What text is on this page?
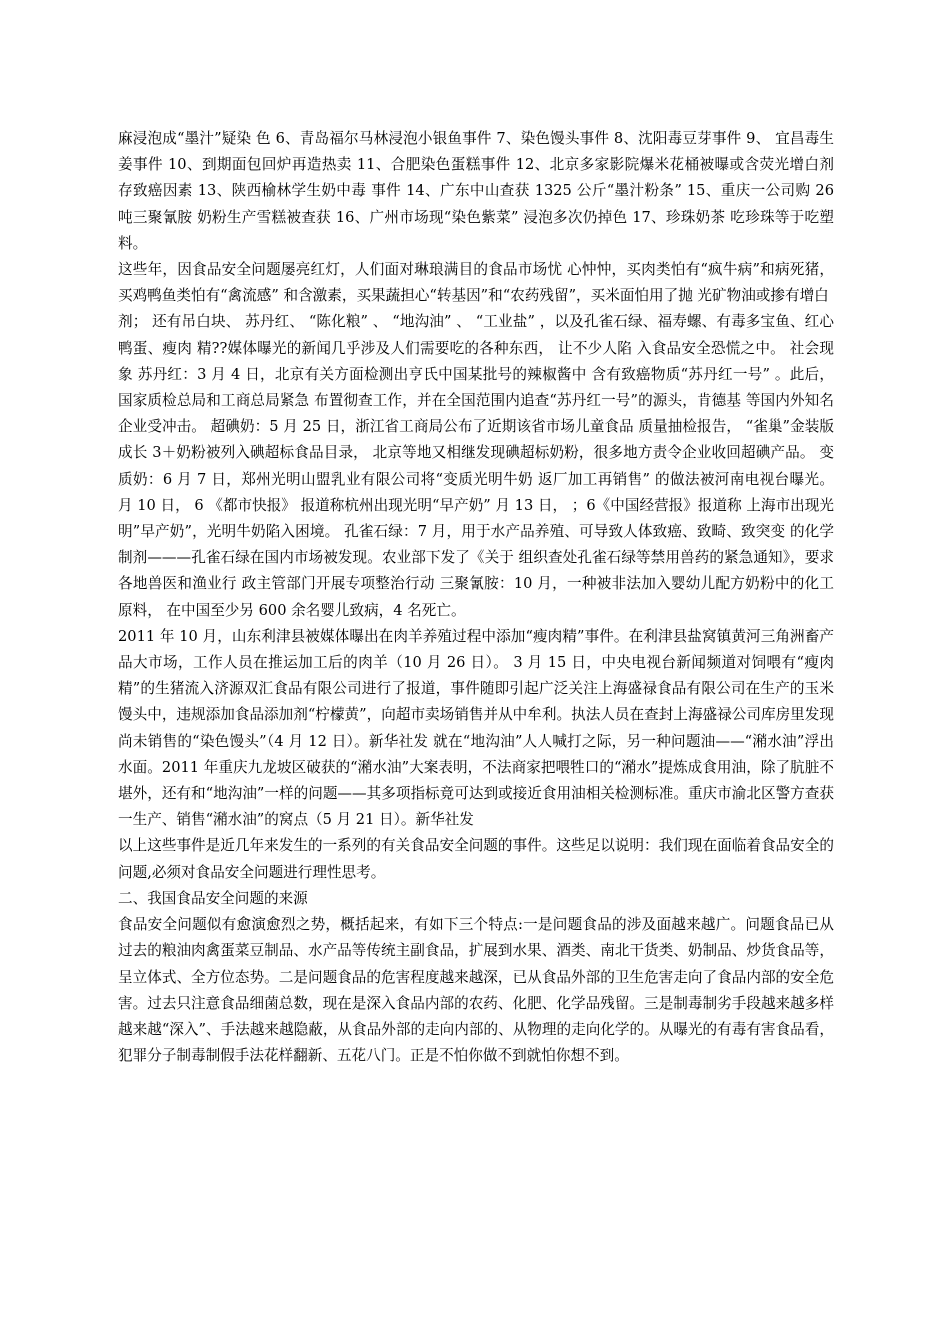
麻浸泡成“墨汁”疑染 色 6、青岛福尔马林浸泡小银鱼事件 7、染色馒头事件 8、沈阳毒豆芽事件 9、 宜昌毒生姜事件 10、到期面包回炉再造热卖 11、合肥染色蛋糕事件 12、北京多家影院爆米花桶被曝或含荧光增白剂 存致癌因素 13、陕西榆林学生奶中毒 事件 14、广东中山查获 1325 公斤“墨汁粉条” 15、重庆一公司购 26 吨三聚氰胺 奶粉生产雪糕被查获 16、广州市场现“染色紫菜” 浸泡多次仍掉色 17、珍珠奶茶 吃珍珠等于吃塑料。

这些年，因食品安全问题屡亮红灯，人们面对琳琅满目的食品市场忧 心忡忡，买肉类怕有“疯牛病”和病死猪，买鸡鸭鱼类怕有“禽流感” 和含激素，买果蔬担心“转基因”和“农药残留”，买米面怕用了抛 光矿物油或掺有增白

剂； 还有吊白块、 苏丹红、 “陈化粮” 、 “地沟油” 、 “工业盐” ，以及孔雀石绿、福寿螺、有毒多宝鱼、红心鸭蛋、瘦肉 精??媒体曝光的新闻几乎涉及人们需要吃的各种东西， 让不少人陷 入食品安全恐慌之中。 社会现象 苏丹红：3 月 4 日，北京有关方面检测出亨氏中国某批号的辣椒酱中 含有致癌物质“苏丹红一号” 。此后，国家质检总局和工商总局紧急 布置彻查工作，并在全国范围内追查“苏丹红一号”的源头，肯德基 等国内外知名企业受冲击。 超碘奶：5 月 25 日，浙江省工商局公布了近期该省市场儿童食品 质量抽检报告， “雀巢”金装版成长 3＋奶粉被列入碘超标食品目录， 北京等地又相继发现碘超标奶粉，很多地方责令企业收回超碘产品。 变质奶：6 月 7 日，郑州光明山盟乳业有限公司将“变质光明牛奶 返厂加工再销售” 的做法被河南电视台曝光。 月 10 日， 6 《都市快报》 报道称杭州出现光明“早产奶” 月 13 日， ；6《中国经营报》报道称 上海市出现光明”早产奶”，光明牛奶陷入困境。 孔雀石绿：7 月，用于水产品养殖、可导致人体致癌、致畸、致突变 的化学制剂———孔雀石绿在国内市场被发现。农业部下发了《关于 组织查处孔雀石绿等禁用兽药的紧急通知》，要求各地兽医和渔业行 政主管部门开展专项整治行动 三聚氰胺：10 月，一种被非法加入婴幼儿配方奶粉中的化工原料， 在中国至少另 600 余名婴儿致病，4 名死亡。

2011 年 10 月，山东利津县被媒体曝出在肉羊养殖过程中添加“瘦肉精”事件。在利津县盐窝镇黄河三角洲畜产品大市场，工作人员在推运加工后的肉羊（10 月 26 日）。 3 月 15 日，中央电视台新闻频道对饲喂有“瘦肉精”的生猪流入济源双汇食品有限公司进行了报道，事件随即引起广泛关注上海盛禄食品有限公司在生产的玉米馒头中，违规添加食品添加剂“柠檬黄”，向超市卖场销售并从中牟利。执法人员在查封上海盛禄公司库房里发现尚未销售的“染色馒头”（4 月 12 日）。新华社发 就在“地沟油”人人喊打之际，另一种问题油——“潲水油”浮出水面。2011 年重庆九龙坡区破获的“潲水油”大案表明，不法商家把喂牲口的“潲水”提炼成食用油，除了肮脏不堪外，还有和“地沟油”一样的问题——其多项指标竟可达到或接近食用油相关检测标准。重庆市渝北区警方查获一生产、销售“潲水油”的窝点（5 月 21 日）。新华社发

以上这些事件是近几年来发生的一系列的有关食品安全问题的事件。这些足以说明：我们现在面临着食品安全的问题,必须对食品安全问题进行理性思考。

二、我国食品安全问题的来源

食品安全问题似有愈演愈烈之势，概括起来，有如下三个特点:一是问题食品的涉及面越来越广。问题食品已从过去的粮油肉禽蛋菜豆制品、水产品等传统主副食品，扩展到水果、酒类、南北干货类、奶制品、炒货食品等，呈立体式、全方位态势。二是问题食品的危害程度越来越深，已从食品外部的卫生危害走向了食品内部的安全危害。过去只注意食品细菌总数，现在是深入食品内部的农药、化肥、化学品残留。三是制毒制劣手段越来越多样越来越“深入”、手法越来越隐蔽，从食品外部的走向内部的、从物理的走向化学的。从曝光的有毒有害食品看，犯罪分子制毒制假手法花样翻新、五花八门。正是不怕你做不到就怕你想不到。
